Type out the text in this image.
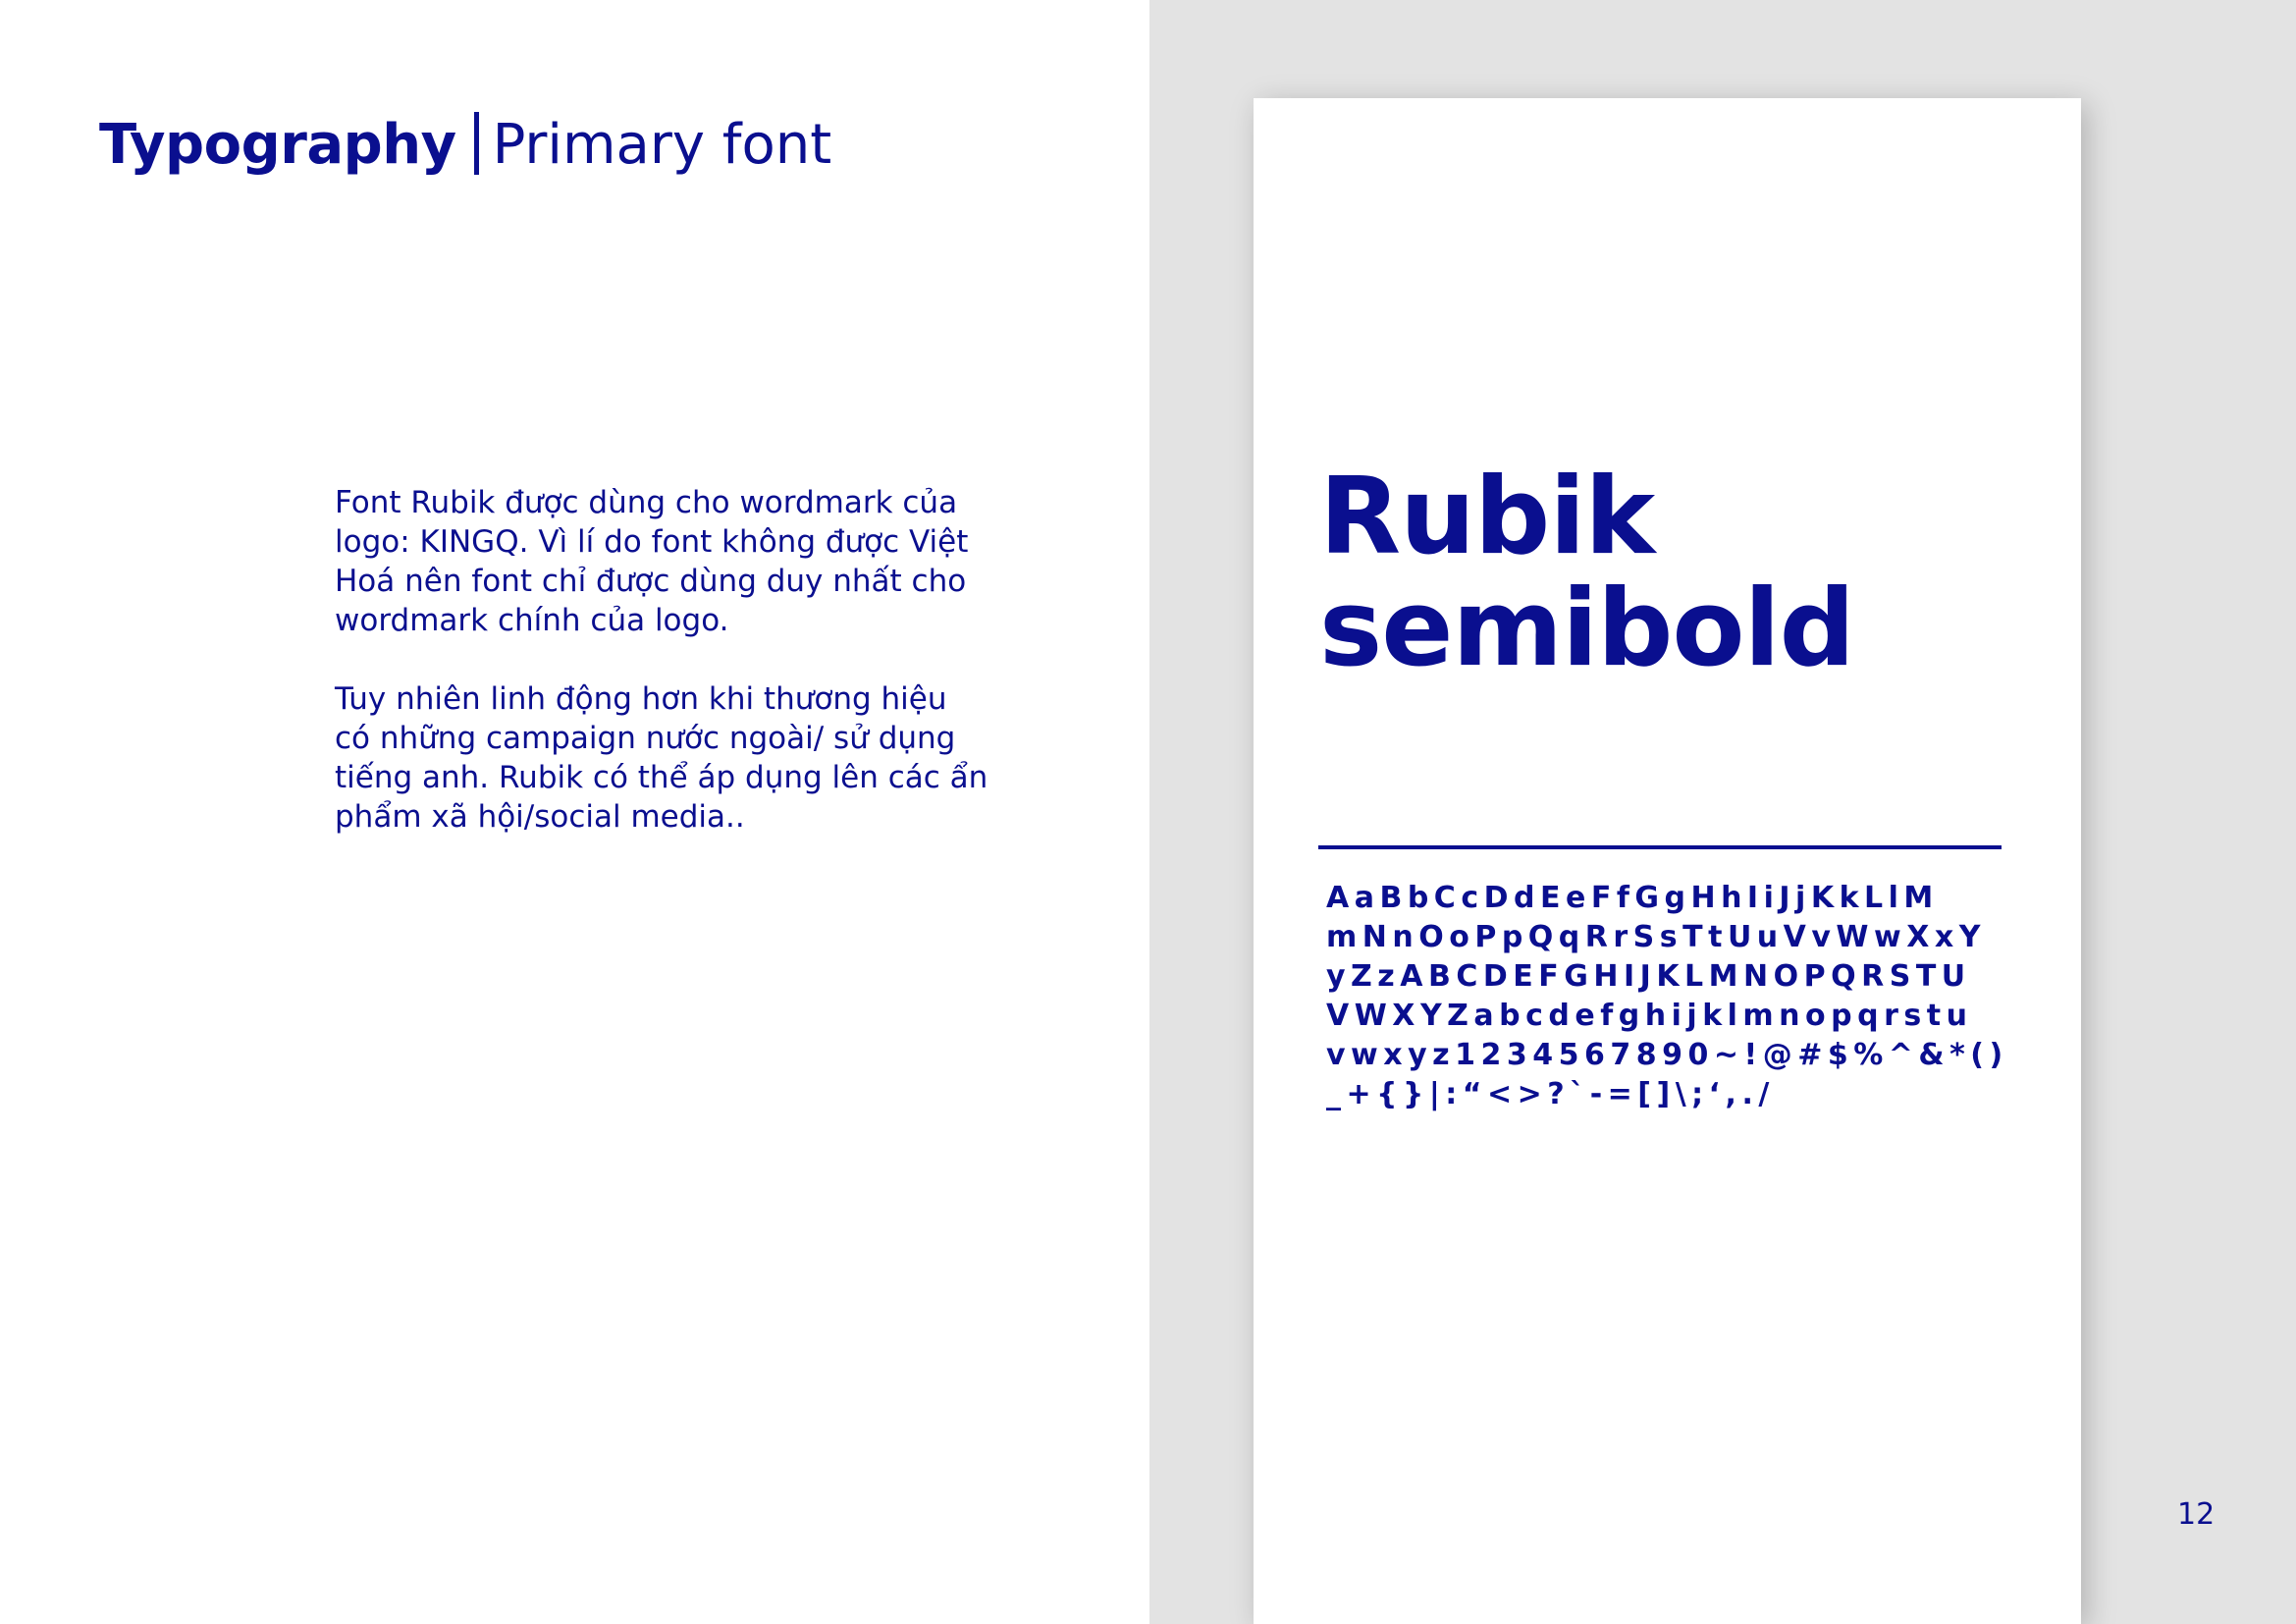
Typography Primary font

Font Rubik được dùng cho wordmark của
logo: KINGQ. Vì lí do font không được Việt
Hoá nên font chỉ được dùng duy nhất cho
wordmark chính của logo.

Tuy nhiên linh động hơn khi thương hiệu
có những campaign nước ngoài/ sử dụng
tiếng anh. Rubik có thể áp dụng lên các ẩn
phẩm xã hội/social media..

Rubik
semibold
AaBbCcDdEeFfGgHhIiJjKkLlM
mNnOoPpQqRrSsTtUuVvWwXxY
yZzABCDEFGHIJKLMNOPQRSTU
VWXYZabcdefghijklmnopqrstu
vwxyz1234567890~!@#$%^&*()
_+{}|:“<>?`-=[]\;‘,./
12
